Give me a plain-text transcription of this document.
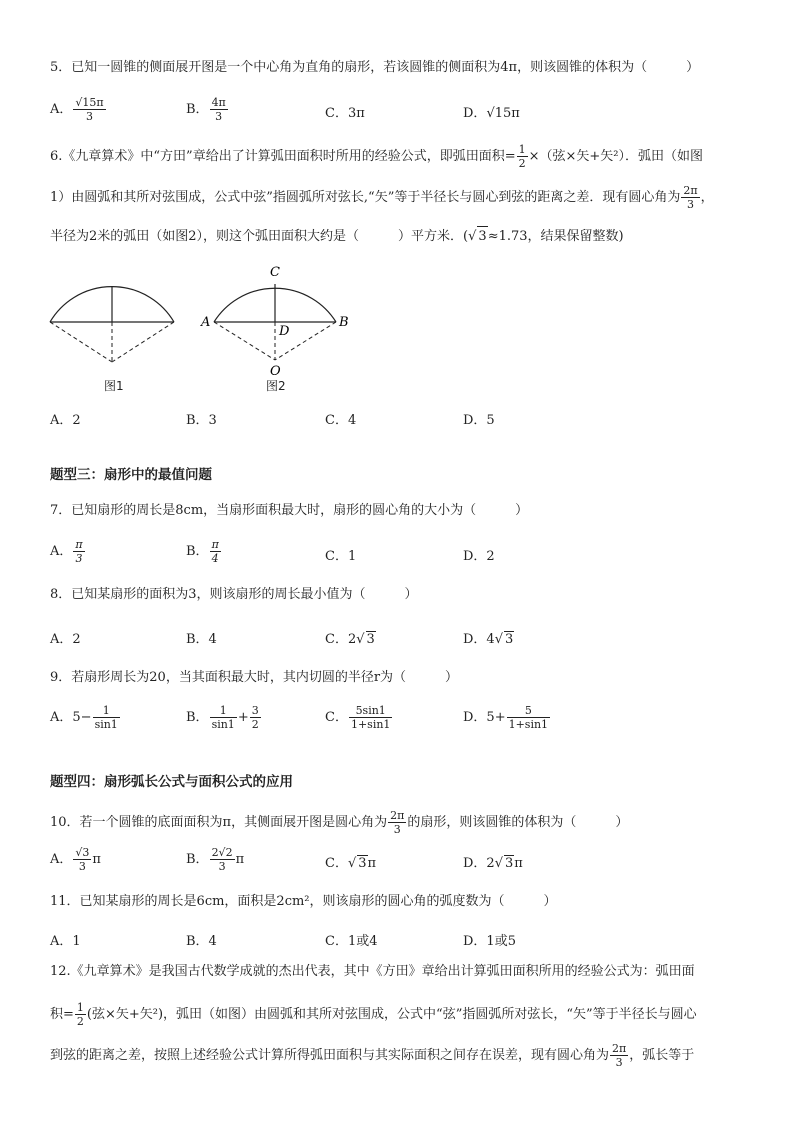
5．已知一圆锥的侧面展开图是一个中心角为直角的扇形，若该圆锥的侧面积为4π，则该圆锥的体积为（　　　）
A． $\frac{√15\pi}{3}$	B． $\frac{4\pi}{3}$	C．3π	D．√15π
6.《九章算术》中“方田”章给出了计算弧田面积时所用的经验公式，即弧田面积= $\frac{1}{2}$ ×（弦×矢+矢²）．弧田（如图
1）由圆弧和其所对弦围成，公式中弦”指圆弧所对弦长,“矢”等于半径长与圆心到弦的距离之差．现有圆心角为 $\frac{2\pi}{3}$ ，
半径为2米的弧田（如图2），则这个弧田面积大约是（　　　）平方米．(√ 3≈1.73，结果保留整数)
图1
C
A	B
D
O
图2
A．2	B．3	C．4	D．5
题型三：扇形中的最值问题
7．已知扇形的周长是8cm，当扇形面积最大时，扇形的圆心角的大小为（　　　）
A． $\frac{\pi}{3}$	B． $\frac{\pi}{4}$	C．1	D．2
8．已知某扇形的面积为3，则该扇形的周长最小值为（　　　）
A．2	B．4	C．2√ 3	D．4√ 3
9．若扇形周长为20，当其面积最大时，其内切圆的半径r为（　　　）
A．$5- \frac{1}{\sin 1}$	B． $\frac{1}{\sin 1} + \frac{3}{2}$	C． $\frac{5\sin 1}{1+\sin 1}$	D．$5+ \frac{5}{1+\sin 1}$
题型四：扇形弧长公式与面积公式的应用
10．若一个圆锥的底面面积为π，其侧面展开图是圆心角为 $\frac{2\pi}{3}$ 的扇形，则该圆锥的体积为（　　　）
A． $\frac{√3}{3}$ π	B． $\frac{2√2}{3}$ π	C．√ 3π	D．2√ 3π
11．已知某扇形的周长是6cm，面积是2cm²，则该扇形的圆心角的弧度数为（　　　）
A．1	B．4	C．1或4	D．1或5
12.《九章算术》是我国古代数学成就的杰出代表，其中《方田》章给出计算弧田面积所用的经验公式为：弧田面
积= $\frac{1}{2}$ (弦×矢+矢²)，弧田（如图）由圆弧和其所对弦围成，公式中“弦”指圆弧所对弦长，“矢”等于半径长与圆心
到弦的距离之差，按照上述经验公式计算所得弧田面积与其实际面积之间存在误差，现有圆心角为 $\frac{2\pi}{3}$ ，弧长等于
